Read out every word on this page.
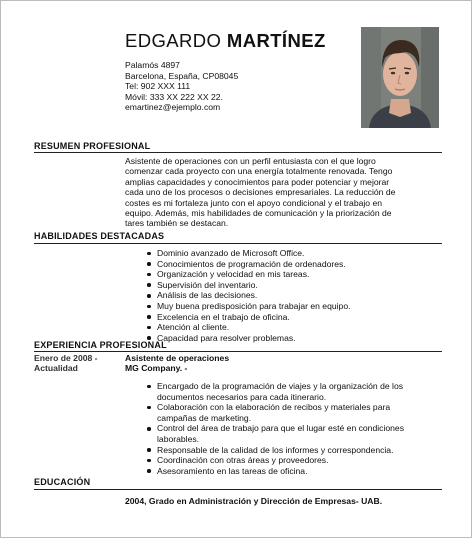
EDGARDO MARTÍNEZ
Palamós 4897
Barcelona, España, CP08045
Tel: 902 XXX 111
Móvil: 333 XX 222 XX 22.
emartinez@ejemplo.com
RESUMEN PROFESIONAL

Asistente de operaciones con un perfil entusiasta con el que logro
comenzar cada proyecto con una energía totalmente renovada. Tengo
amplias capacidades y conocimientos para poder potenciar y mejorar
cada uno de los procesos o decisiones empresariales. La reducción de
costes es mi fortaleza junto con el apoyo condicional y el trabajo en
equipo. Además, mis habilidades de comunicación y la priorización de
tares también se destacan.

HABILIDADES DESTACADAS
Dominio avanzado de Microsoft Office.
Conocimientos de programación de ordenadores.
Organización y velocidad en mis tareas.
Supervisión del inventario.
Análisis de las decisiones.
Muy buena predisposición para trabajar en equipo.
Excelencia en el trabajo de oficina.
Atención al cliente.
Capacidad para resolver problemas.
EXPERIENCIA PROFESIONAL
Enero de 2008 -
Actualidad
Asistente de operaciones
MG Company. -
Encargado de la programación de viajes y la organización de los
documentos necesarios para cada itinerario.
Colaboración con la elaboración de recibos y materiales para
campañas de marketing.
Control del área de trabajo para que el lugar esté en condiciones
laborables.
Responsable de la calidad de los informes y correspondencia.
Coordinación con otras áreas y proveedores.
Asesoramiento en las tareas de oficina.
EDUCACIÓN
2004, Grado en Administración y Dirección de Empresas- UAB.
